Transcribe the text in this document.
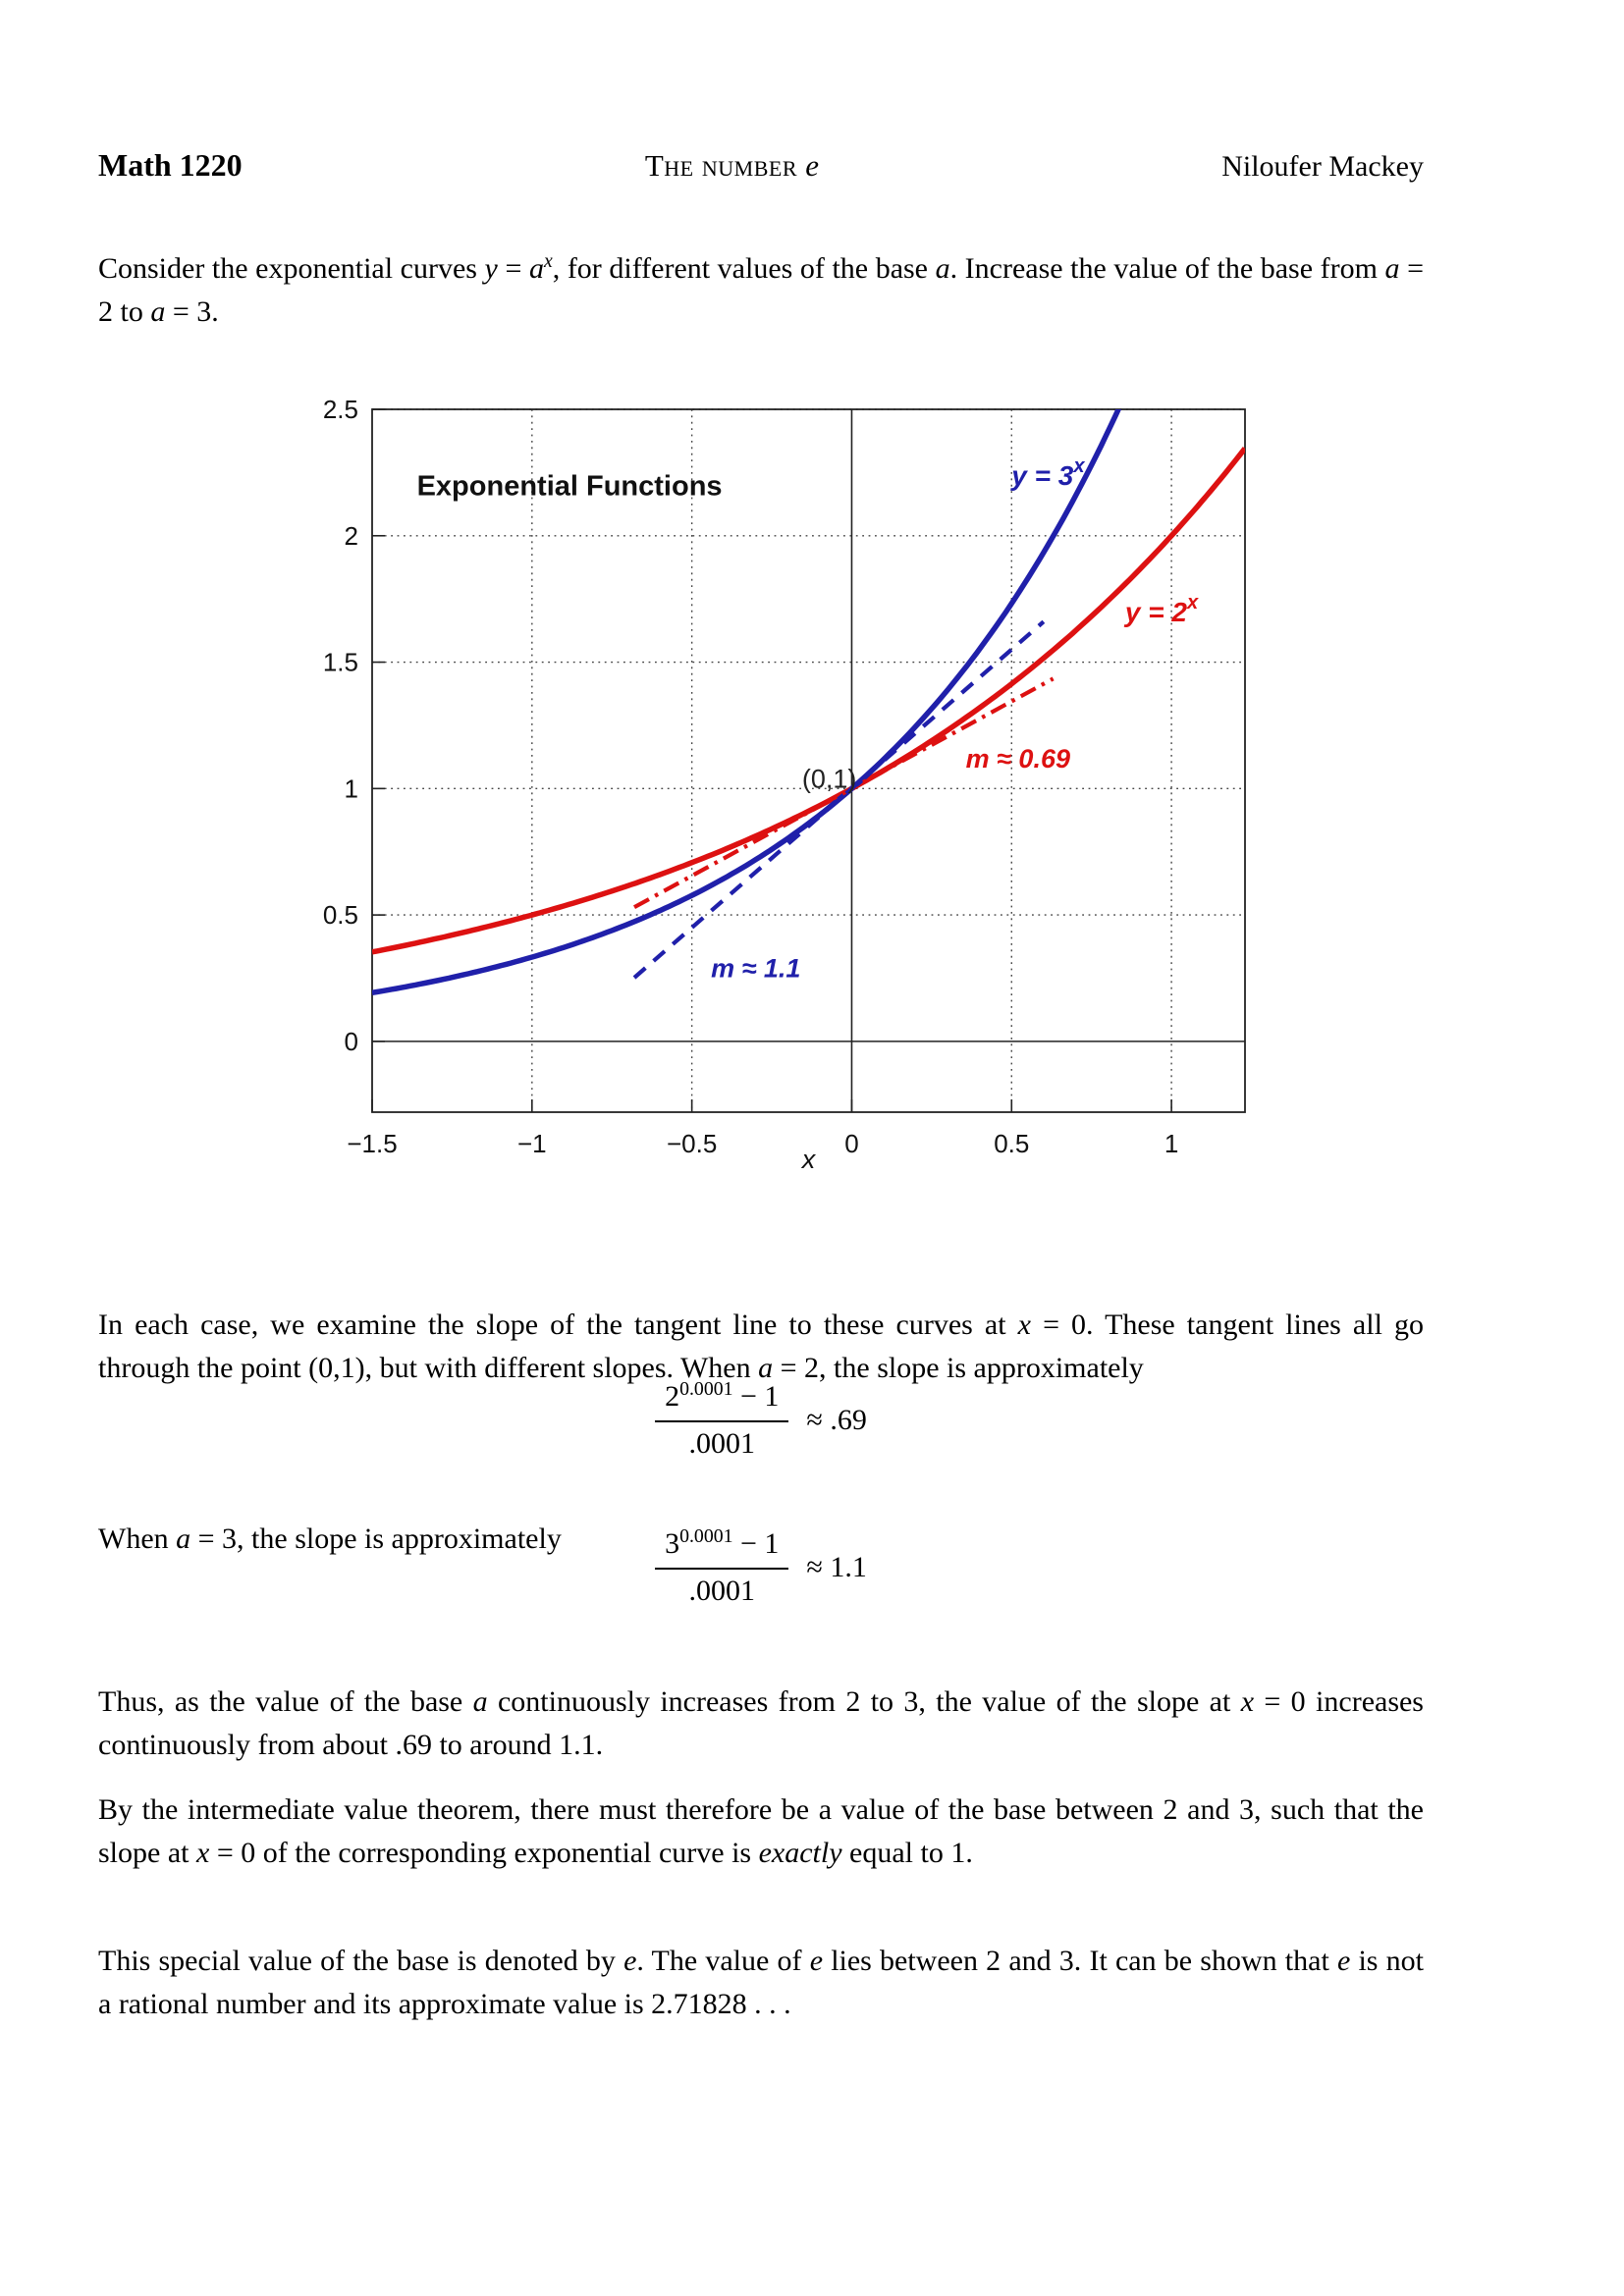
Math 1220	The number e	Niloufer Mackey

Consider the exponential curves $y = a^x$, for different values of the base a. Increase the value of the base from a = 2 to a = 3.

Exponential Functions	$y = 3^x$
$y = 2^x$
m ≈ 0.69
m ≈ 1.1
(0,1)
−1.5	−1	−0.5	0	0.5	1
0
0.5
1
1.5
2
2.5
x

In each case, we examine the slope of the tangent line to these curves at x = 0. These tangent lines all go through the point (0,1), but with different slopes. When a = 2, the slope is approximately

$\frac{2^{0.0001} - 1}{.0001} \approx .69$

When a = 3, the slope is approximately	$\frac{3^{0.0001} - 1}{.0001} \approx 1.1$

Thus, as the value of the base a continuously increases from 2 to 3, the value of the slope at x = 0 increases continuously from about .69 to around 1.1.

By the intermediate value theorem, there must therefore be a value of the base between 2 and 3, such that the slope at x = 0 of the corresponding exponential curve is exactly equal to 1.

This special value of the base is denoted by e. The value of e lies between 2 and 3. It can be shown that e is not a rational number and its approximate value is 2.71828 . . .
